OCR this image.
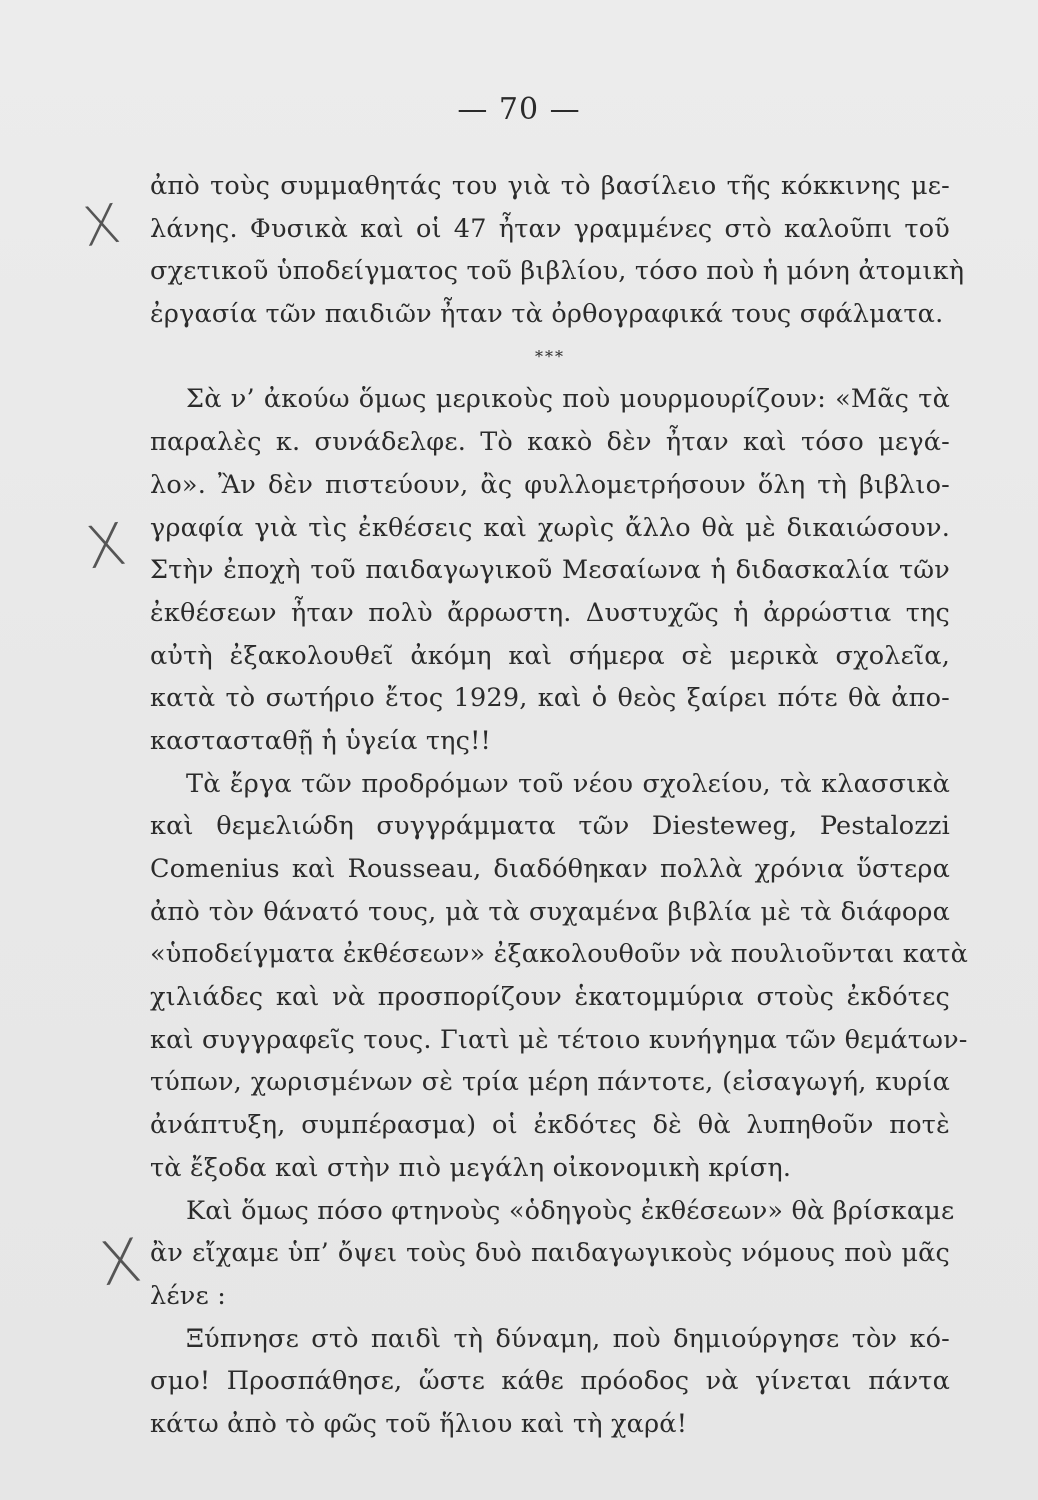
— 70 —
X
X
X
ἀπὸ τοὺς συμμαθητάς του γιὰ τὸ βασίλειο τῆς κόκκινης με-
λάνης. Φυσικὰ καὶ οἱ 47 ἦταν γραμμένες στὸ καλοῦπι τοῦ
σχετικοῦ ὑποδείγματος τοῦ βιβλίου, τόσο ποὺ ἡ μόνη ἀτομικὴ
ἐργασία τῶν παιδιῶν ἦταν τὰ ὀρθογραφικά τους σφάλματα.
***
Σὰ ν’ ἀκούω ὅμως μερικοὺς ποὺ μουρμουρίζουν: «Μᾶς τὰ
παραλὲς κ. συνάδελφε. Τὸ κακὸ δὲν ἦταν καὶ τόσο μεγά-
λο». Ἂν δὲν πιστεύουν, ἂς φυλλομετρήσουν ὅλη τὴ βιβλιο-
γραφία γιὰ τὶς ἐκθέσεις καὶ χωρὶς ἄλλο θὰ μὲ δικαιώσουν.
Στὴν ἐποχὴ τοῦ παιδαγωγικοῦ Μεσαίωνα ἡ διδασκαλία τῶν
ἐκθέσεων ἦταν πολὺ ἄρρωστη. Δυστυχῶς ἡ ἀρρώστια της
αὐτὴ ἐξακολουθεῖ ἀκόμη καὶ σήμερα σὲ μερικὰ σχολεῖα,
κατὰ τὸ σωτήριο ἔτος 1929, καὶ ὁ θεὸς ξαίρει πότε θὰ ἀπο-
καστασταθῇ ἡ ὑγεία της!!
Τὰ ἔργα τῶν προδρόμων τοῦ νέου σχολείου, τὰ κλασσικὰ
καὶ θεμελιώδη συγγράμματα τῶν Diesteweg, Pestalozzi
Comenius καὶ Rousseau, διαδόθηκαν πολλὰ χρόνια ὕστερα
ἀπὸ τὸν θάνατό τους, μὰ τὰ συχαμένα βιβλία μὲ τὰ διάφορα
«ὑποδείγματα ἐκθέσεων» ἐξακολουθοῦν νὰ πουλιοῦνται κατὰ
χιλιάδες καὶ νὰ προσπορίζουν ἑκατομμύρια στοὺς ἐκδότες
καὶ συγγραφεῖς τους. Γιατὶ μὲ τέτοιο κυνήγημα τῶν θεμάτων-
τύπων, χωρισμένων σὲ τρία μέρη πάντοτε, (εἰσαγωγή, κυρία
ἀνάπτυξη, συμπέρασμα) οἱ ἐκδότες δὲ θὰ λυπηθοῦν ποτὲ
τὰ ἔξοδα καὶ στὴν πιὸ μεγάλη οἰκονομικὴ κρίση.
Καὶ ὅμως πόσο φτηνοὺς «ὁδηγοὺς ἐκθέσεων» θὰ βρίσκαμε
ἂν εἴχαμε ὑπ’ ὄψει τοὺς δυὸ παιδαγωγικοὺς νόμους ποὺ μᾶς
λένε :
Ξύπνησε στὸ παιδὶ τὴ δύναμη, ποὺ δημιούργησε τὸν κό-
σμο! Προσπάθησε, ὥστε κάθε πρόοδος νὰ γίνεται πάντα
κάτω ἀπὸ τὸ φῶς τοῦ ἥλιου καὶ τὴ χαρά!
